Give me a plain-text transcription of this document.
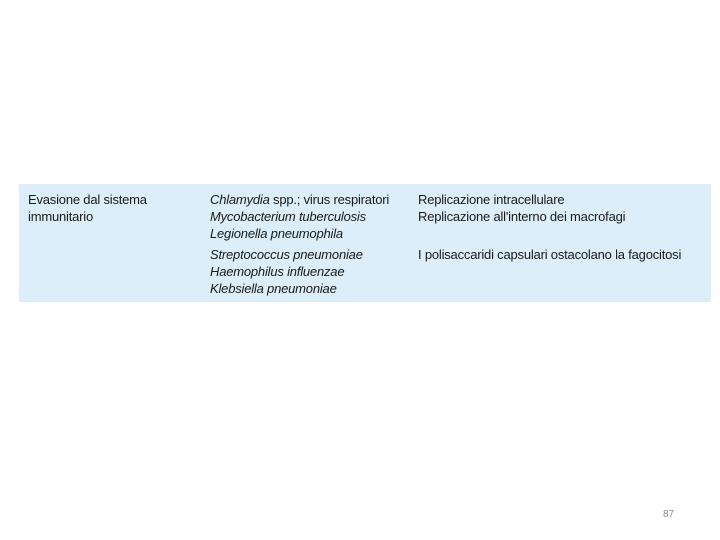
Evasione dal sistema
immunitario
Chlamydia spp.; virus respiratori
Mycobacterium tuberculosis
Legionella pneumophila
Streptococcus pneumoniae
Haemophilus influenzae
Klebsiella pneumoniae
Replicazione intracellulare
Replicazione all'interno dei macrofagi

I polisaccaridi capsulari ostacolano la fagocitosi
87
